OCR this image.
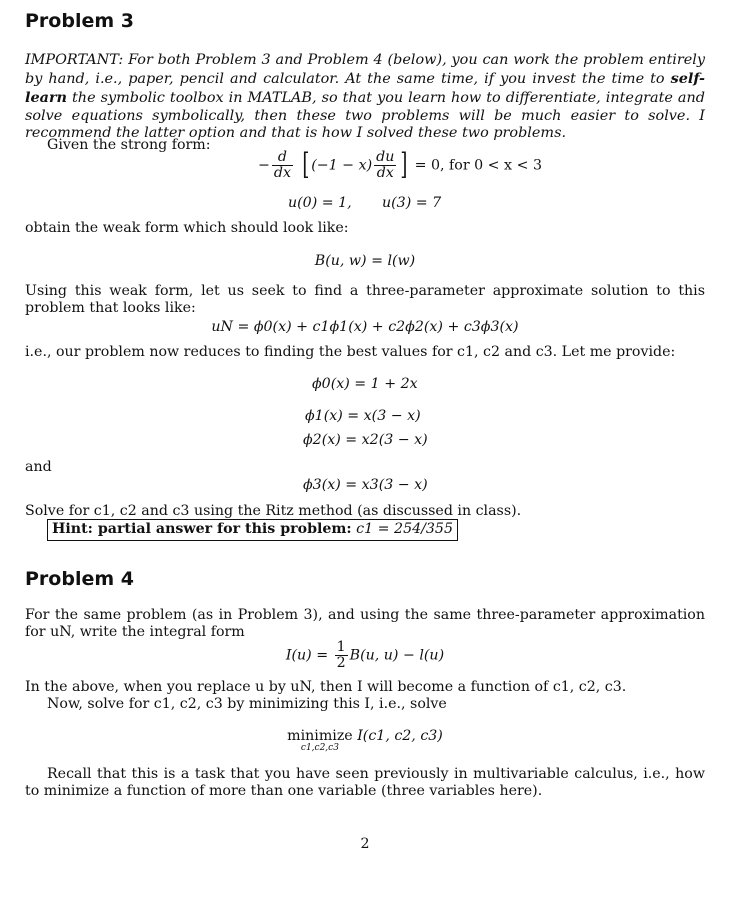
Problem 3
IMPORTANT: For both Problem 3 and Problem 4 (below), you can work the problem entirely by hand, i.e., paper, pencil and calculator. At the same time, if you invest the time to self-learn the symbolic toolbox in MATLAB, so that you learn how to differentiate, integrate and solve equations symbolically, then these two problems will be much easier to solve. I recommend the latter option and that is how I solved these two problems.
Given the strong form:
− $\frac{d}{dx}$ [ $(-1 - x) \frac{du}{dx}$ ] = 0, for 0 < x < 3
u(0) = 1, u(3) = 7
obtain the weak form which should look like:
B(u, w) = l(w)
Using this weak form, let us seek to find a three-parameter approximate solution to this problem that looks like:
uN = ϕ0(x) + c1ϕ1(x) + c2ϕ2(x) + c3ϕ3(x)
i.e., our problem now reduces to finding the best values for c1, c2 and c3. Let me provide:
ϕ0(x) = 1 + 2x
ϕ1(x) = x(3 − x)
ϕ2(x) = x2(3 − x)
and
ϕ3(x) = x3(3 − x)
Solve for c1, c2 and c3 using the Ritz method (as discussed in class).
Hint: partial answer for this problem: c1 = 254/355
Problem 4
For the same problem (as in Problem 3), and using the same three-parameter approximation for uN, write the integral form
$I(u) = \frac{1}{2} B(u$, u) − l(u)
In the above, when you replace u by uN, then I will become a function of c1, c2, c3.
Now, solve for c1, c2, c3 by minimizing this I, i.e., solve
minimize
c1,c2,c3
I(c1, c2, c3)
Recall that this is a task that you have seen previously in multivariable calculus, i.e., how to minimize a function of more than one variable (three variables here).
2
